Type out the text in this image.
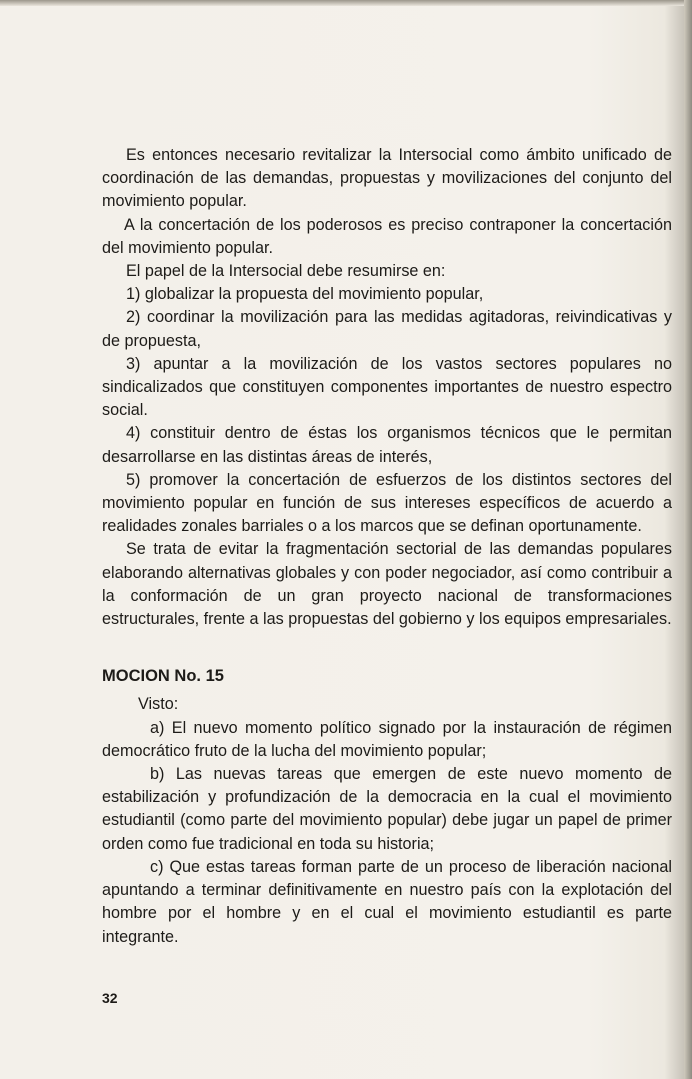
Es entonces necesario revitalizar la Intersocial como ámbito unificado de coordinación de las demandas, propuestas y movilizaciones del conjunto del movimiento popular.

A la concertación de los poderosos es preciso contraponer la concertación del movimiento popular.

El papel de la Intersocial debe resumirse en:

1) globalizar la propuesta del movimiento popular,

2) coordinar la movilización para las medidas agitadoras, reivindicativas y de propuesta,

3) apuntar a la movilización de los vastos sectores populares no sindicalizados que constituyen componentes importantes de nuestro espectro social.

4) constituir dentro de éstas los organismos técnicos que le permitan desarrollarse en las distintas áreas de interés,

5) promover la concertación de esfuerzos de los distintos sectores del movimiento popular en función de sus intereses específicos de acuerdo a realidades zonales barriales o a los marcos que se definan oportunamente.

Se trata de evitar la fragmentación sectorial de las demandas populares elaborando alternativas globales y con poder negociador, así como contribuir a la conformación de un gran proyecto nacional de transformaciones estructurales, frente a las propuestas del gobierno y los equipos empresariales.

MOCION No. 15

Visto:

a) El nuevo momento político signado por la instauración de régimen democrático fruto de la lucha del movimiento popular;

b) Las nuevas tareas que emergen de este nuevo momento de estabilización y profundización de la democracia en la cual el movimiento estudiantil (como parte del movimiento popular) debe jugar un papel de primer orden como fue tradicional en toda su historia;

c) Que estas tareas forman parte de un proceso de liberación nacional apuntando a terminar definitivamente en nuestro país con la explotación del hombre por el hombre y en el cual el movimiento estudiantil es parte integrante.

32
